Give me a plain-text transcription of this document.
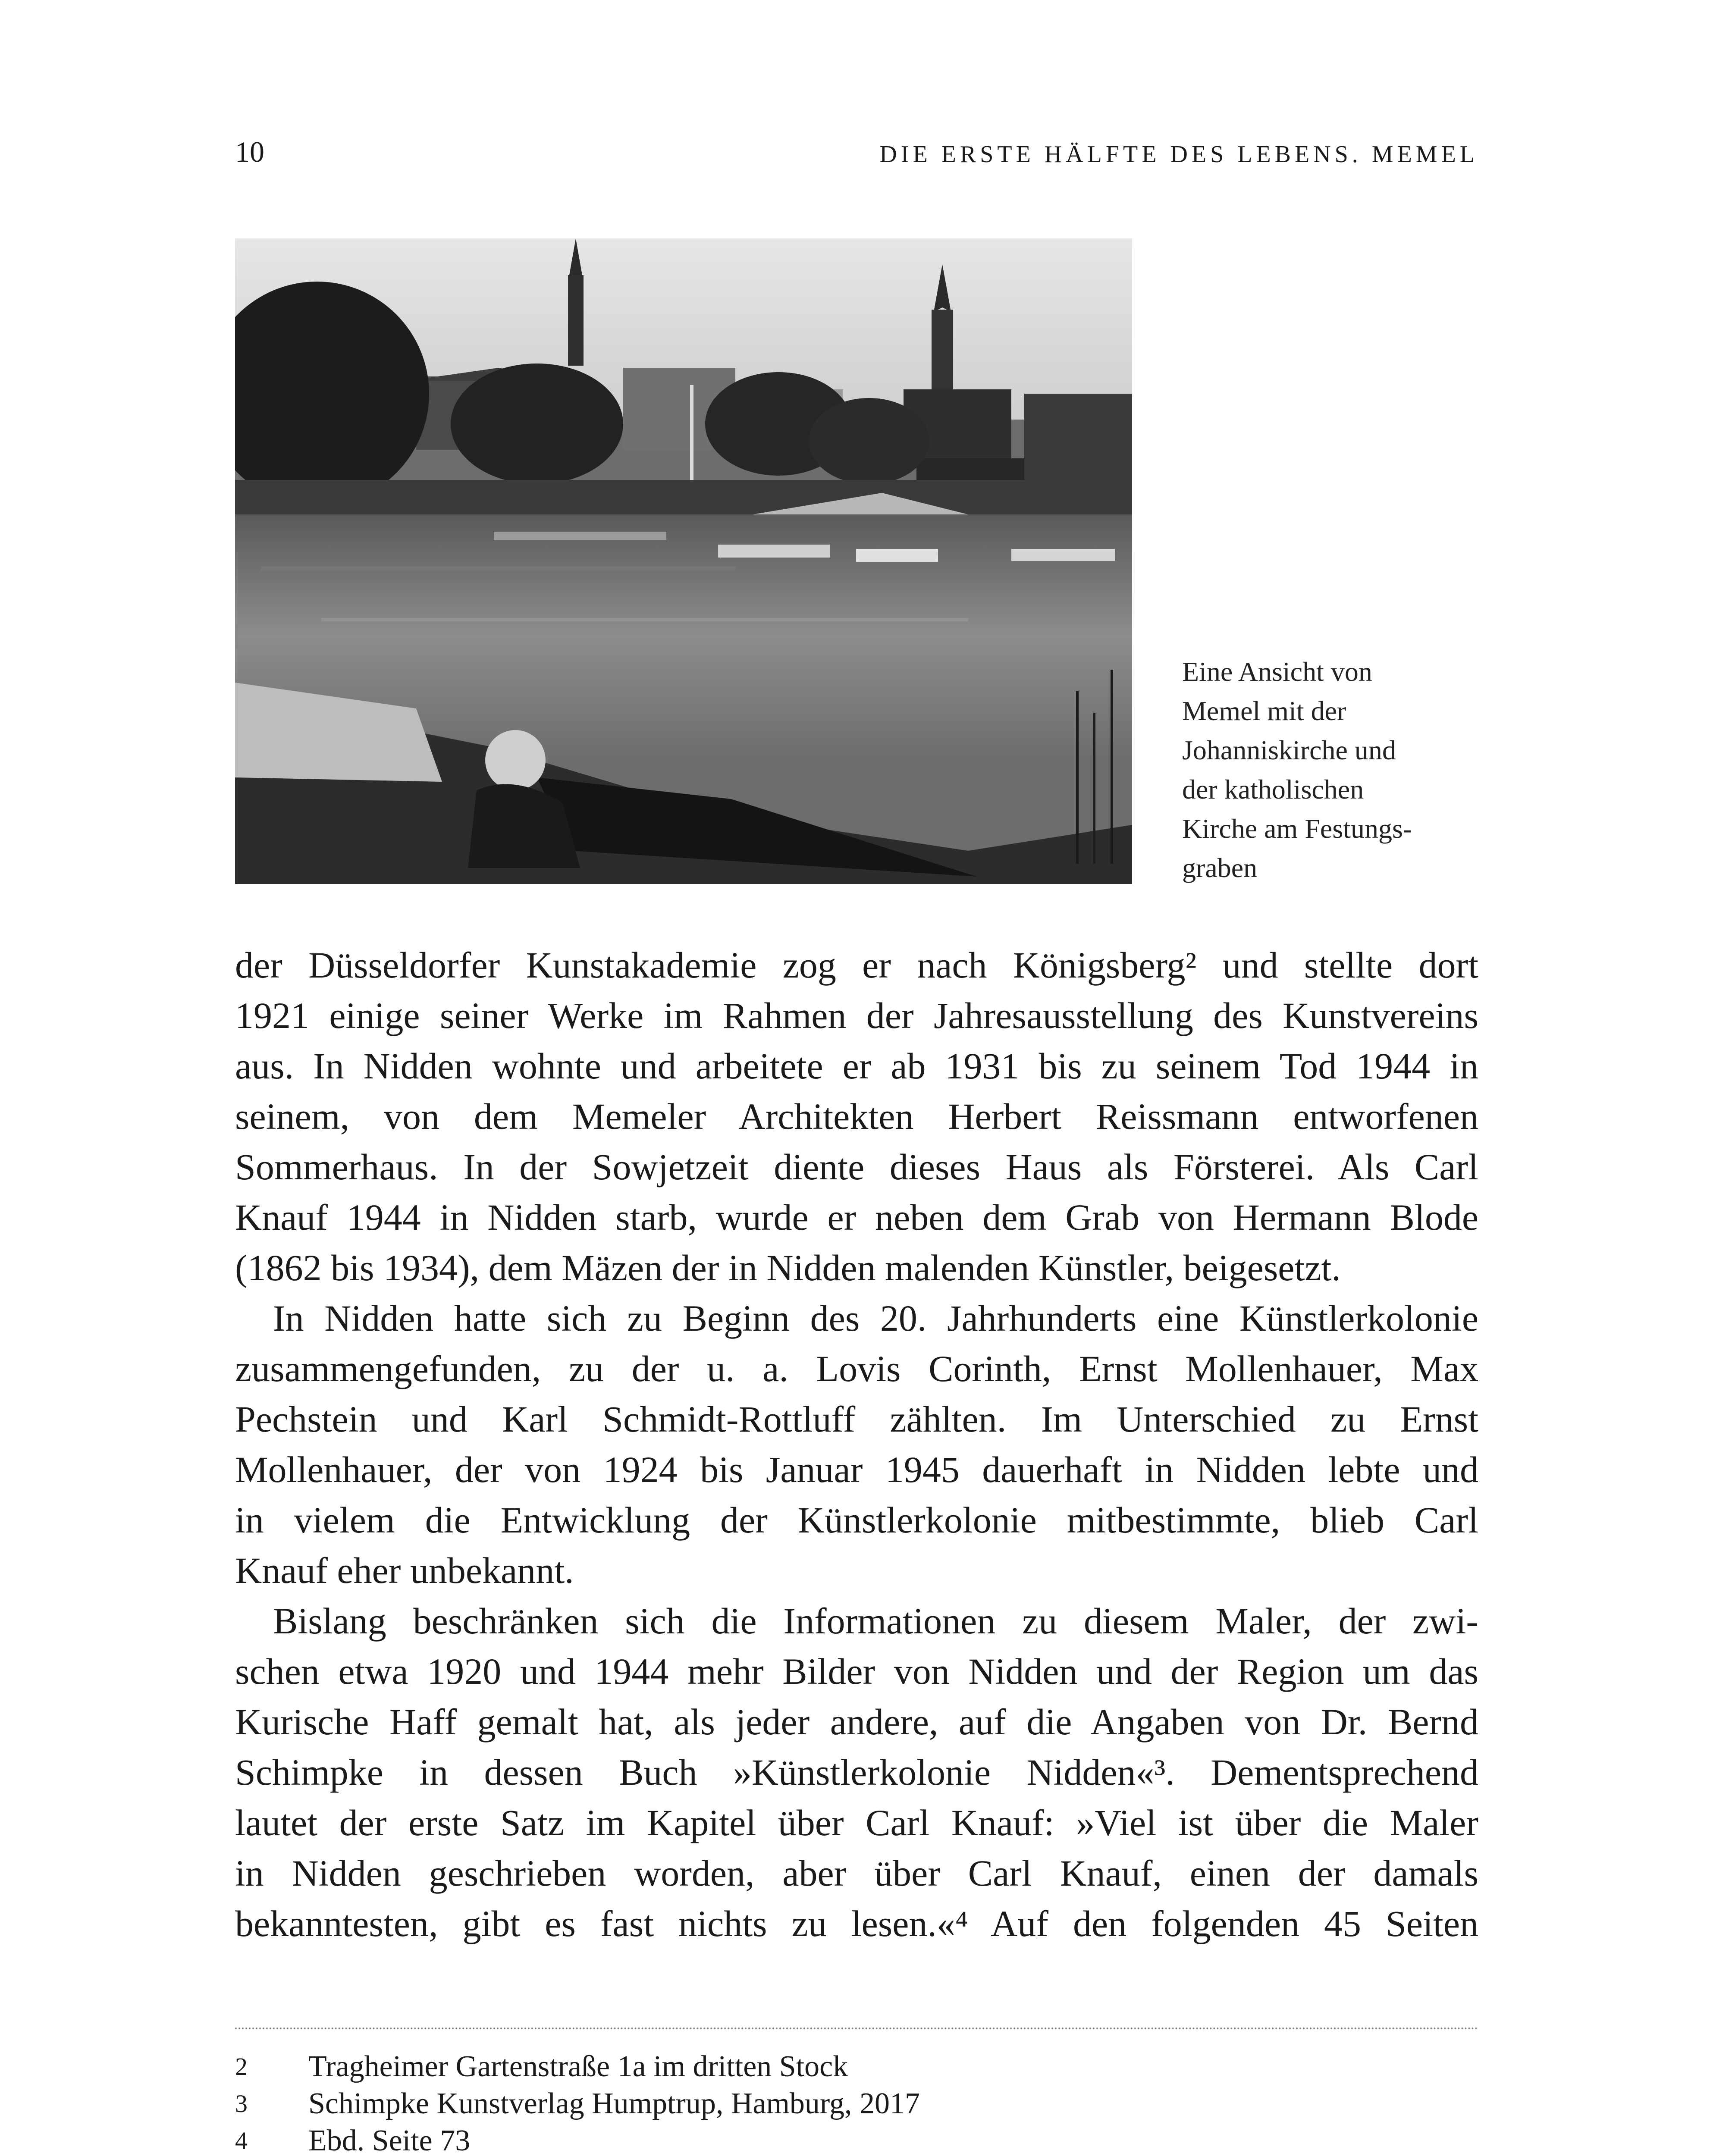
10	DIE ERSTE HÄLFTE DES LEBENS. MEMEL
Eine Ansicht von
Memel mit der
Johanniskirche und
der katholischen
Kirche am Festungs-
graben
der Düsseldorfer Kunstakademie zog er nach Königsberg² und stellte dort
1921 einige seiner Werke im Rahmen der Jahresausstellung des Kunstvereins
aus. In Nidden wohnte und arbeitete er ab 1931 bis zu seinem Tod 1944 in
seinem, von dem Memeler Architekten Herbert Reissmann entworfenen
Sommerhaus. In der Sowjetzeit diente dieses Haus als Försterei. Als Carl
Knauf 1944 in Nidden starb, wurde er neben dem Grab von Hermann Blode
(1862 bis 1934), dem Mäzen der in Nidden malenden Künstler, beigesetzt.
In Nidden hatte sich zu Beginn des 20. Jahrhunderts eine Künstlerkolonie
zusammengefunden, zu der u. a. Lovis Corinth, Ernst Mollenhauer, Max
Pechstein und Karl Schmidt-Rottluff zählten. Im Unterschied zu Ernst
Mollenhauer, der von 1924 bis Januar 1945 dauerhaft in Nidden lebte und
in vielem die Entwicklung der Künstlerkolonie mitbestimmte, blieb Carl
Knauf eher unbekannt.
Bislang beschränken sich die Informationen zu diesem Maler, der zwi-
schen etwa 1920 und 1944 mehr Bilder von Nidden und der Region um das
Kurische Haff gemalt hat, als jeder andere, auf die Angaben von Dr. Bernd
Schimpke in dessen Buch »Künstlerkolonie Nidden«³. Dementsprechend
lautet der erste Satz im Kapitel über Carl Knauf: »Viel ist über die Maler
in Nidden geschrieben worden, aber über Carl Knauf, einen der damals
bekanntesten, gibt es fast nichts zu lesen.«⁴ Auf den folgenden 45 Seiten
2	Tragheimer Gartenstraße 1a im dritten Stock
3	Schimpke Kunstverlag Humptrup, Hamburg, 2017
4	Ebd. Seite 73
